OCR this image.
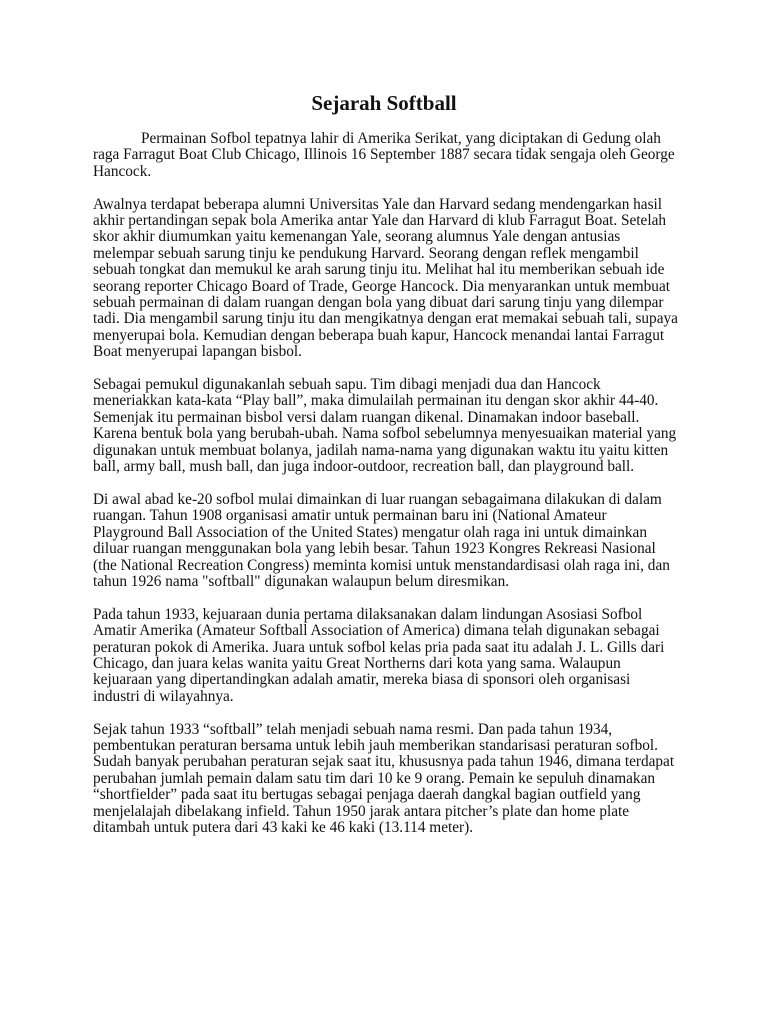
Sejarah Softball

Permainan Sofbol tepatnya lahir di Amerika Serikat, yang diciptakan di Gedung olah raga Farragut Boat Club Chicago, Illinois 16 September 1887 secara tidak sengaja oleh George Hancock.

Awalnya terdapat beberapa alumni Universitas Yale dan Harvard sedang mendengarkan hasil akhir pertandingan sepak bola Amerika antar Yale dan Harvard di klub Farragut Boat. Setelah skor akhir diumumkan yaitu kemenangan Yale, seorang alumnus Yale dengan antusias melempar sebuah sarung tinju ke pendukung Harvard. Seorang dengan reflek mengambil sebuah tongkat dan memukul ke arah sarung tinju itu. Melihat hal itu memberikan sebuah ide seorang reporter Chicago Board of Trade, George Hancock. Dia menyarankan untuk membuat sebuah permainan di dalam ruangan dengan bola yang dibuat dari sarung tinju yang dilempar tadi. Dia mengambil sarung tinju itu dan mengikatnya dengan erat memakai sebuah tali, supaya menyerupai bola. Kemudian dengan beberapa buah kapur, Hancock menandai lantai Farragut Boat menyerupai lapangan bisbol.

Sebagai pemukul digunakanlah sebuah sapu. Tim dibagi menjadi dua dan Hancock meneriakkan kata-kata “Play ball”, maka dimulailah permainan itu dengan skor akhir 44-40. Semenjak itu permainan bisbol versi dalam ruangan dikenal. Dinamakan indoor baseball. Karena bentuk bola yang berubah-ubah. Nama sofbol sebelumnya menyesuaikan material yang digunakan untuk membuat bolanya, jadilah nama-nama yang digunakan waktu itu yaitu kitten ball, army ball, mush ball, dan juga indoor-outdoor, recreation ball, dan playground ball.

Di awal abad ke-20 sofbol mulai dimainkan di luar ruangan sebagaimana dilakukan di dalam ruangan. Tahun 1908 organisasi amatir untuk permainan baru ini (National Amateur Playground Ball Association of the United States) mengatur olah raga ini untuk dimainkan diluar ruangan menggunakan bola yang lebih besar. Tahun 1923 Kongres Rekreasi Nasional (the National Recreation Congress) meminta komisi untuk menstandardisasi olah raga ini, dan tahun 1926 nama "softball" digunakan walaupun belum diresmikan.

Pada tahun 1933, kejuaraan dunia pertama dilaksanakan dalam lindungan Asosiasi Sofbol Amatir Amerika (Amateur Softball Association of America) dimana telah digunakan sebagai peraturan pokok di Amerika. Juara untuk sofbol kelas pria pada saat itu adalah J. L. Gills dari Chicago, dan juara kelas wanita yaitu Great Northerns dari kota yang sama. Walaupun kejuaraan yang dipertandingkan adalah amatir, mereka biasa di sponsori oleh organisasi industri di wilayahnya.

Sejak tahun 1933 “softball” telah menjadi sebuah nama resmi. Dan pada tahun 1934, pembentukan peraturan bersama untuk lebih jauh memberikan standarisasi peraturan sofbol. Sudah banyak perubahan peraturan sejak saat itu, khususnya pada tahun 1946, dimana terdapat perubahan jumlah pemain dalam satu tim dari 10 ke 9 orang. Pemain ke sepuluh dinamakan “shortfielder” pada saat itu bertugas sebagai penjaga daerah dangkal bagian outfield yang menjelalajah dibelakang infield. Tahun 1950 jarak antara pitcher’s plate dan home plate ditambah untuk putera dari 43 kaki ke 46 kaki (13.114 meter).
